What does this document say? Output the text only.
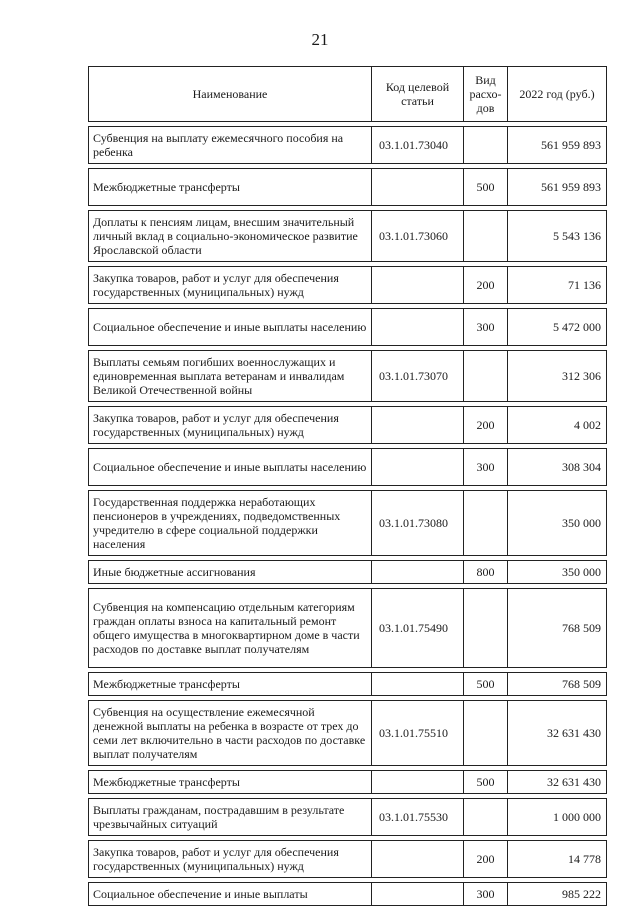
21
Наименование	Код целевой статьи	Вид расхо-дов	2022 год (руб.)

Субвенция на выплату ежемесячного пособия на ребенка	03.1.01.73040		561 959 893

Межбюджетные трансферты		500	561 959 893

Доплаты к пенсиям лицам, внесшим значительный личный вклад в социально-экономическое развитие Ярославской области	03.1.01.73060		5 543 136

Закупка товаров, работ и услуг для обеспечения государственных (муниципальных) нужд		200	71 136

Социальное обеспечение и иные выплаты населению		300	5 472 000

Выплаты семьям погибших военнослужащих и единовременная выплата ветеранам и инвалидам Великой Отечественной войны	03.1.01.73070		312 306

Закупка товаров, работ и услуг для обеспечения государственных (муниципальных) нужд		200	4 002

Социальное обеспечение и иные выплаты населению		300	308 304

Государственная поддержка неработающих пенсионеров в учреждениях, подведомственных учредителю в сфере социальной поддержки населения	03.1.01.73080		350 000

Иные бюджетные ассигнования		800	350 000

Субвенция на компенсацию отдельным категориям граждан оплаты взноса на капитальный ремонт общего имущества в многоквартирном доме в части расходов по доставке выплат получателям	03.1.01.75490		768 509

Межбюджетные трансферты		500	768 509

Субвенция на осуществление ежемесячной денежной выплаты на ребенка в возрасте от трех до семи лет включительно в части расходов по доставке выплат получателям	03.1.01.75510		32 631 430

Межбюджетные трансферты		500	32 631 430

Выплаты гражданам, пострадавшим в результате чрезвычайных ситуаций	03.1.01.75530		1 000 000

Закупка товаров, работ и услуг для обеспечения государственных (муниципальных) нужд		200	14 778

Социальное обеспечение и иные выплаты		300	985 222
